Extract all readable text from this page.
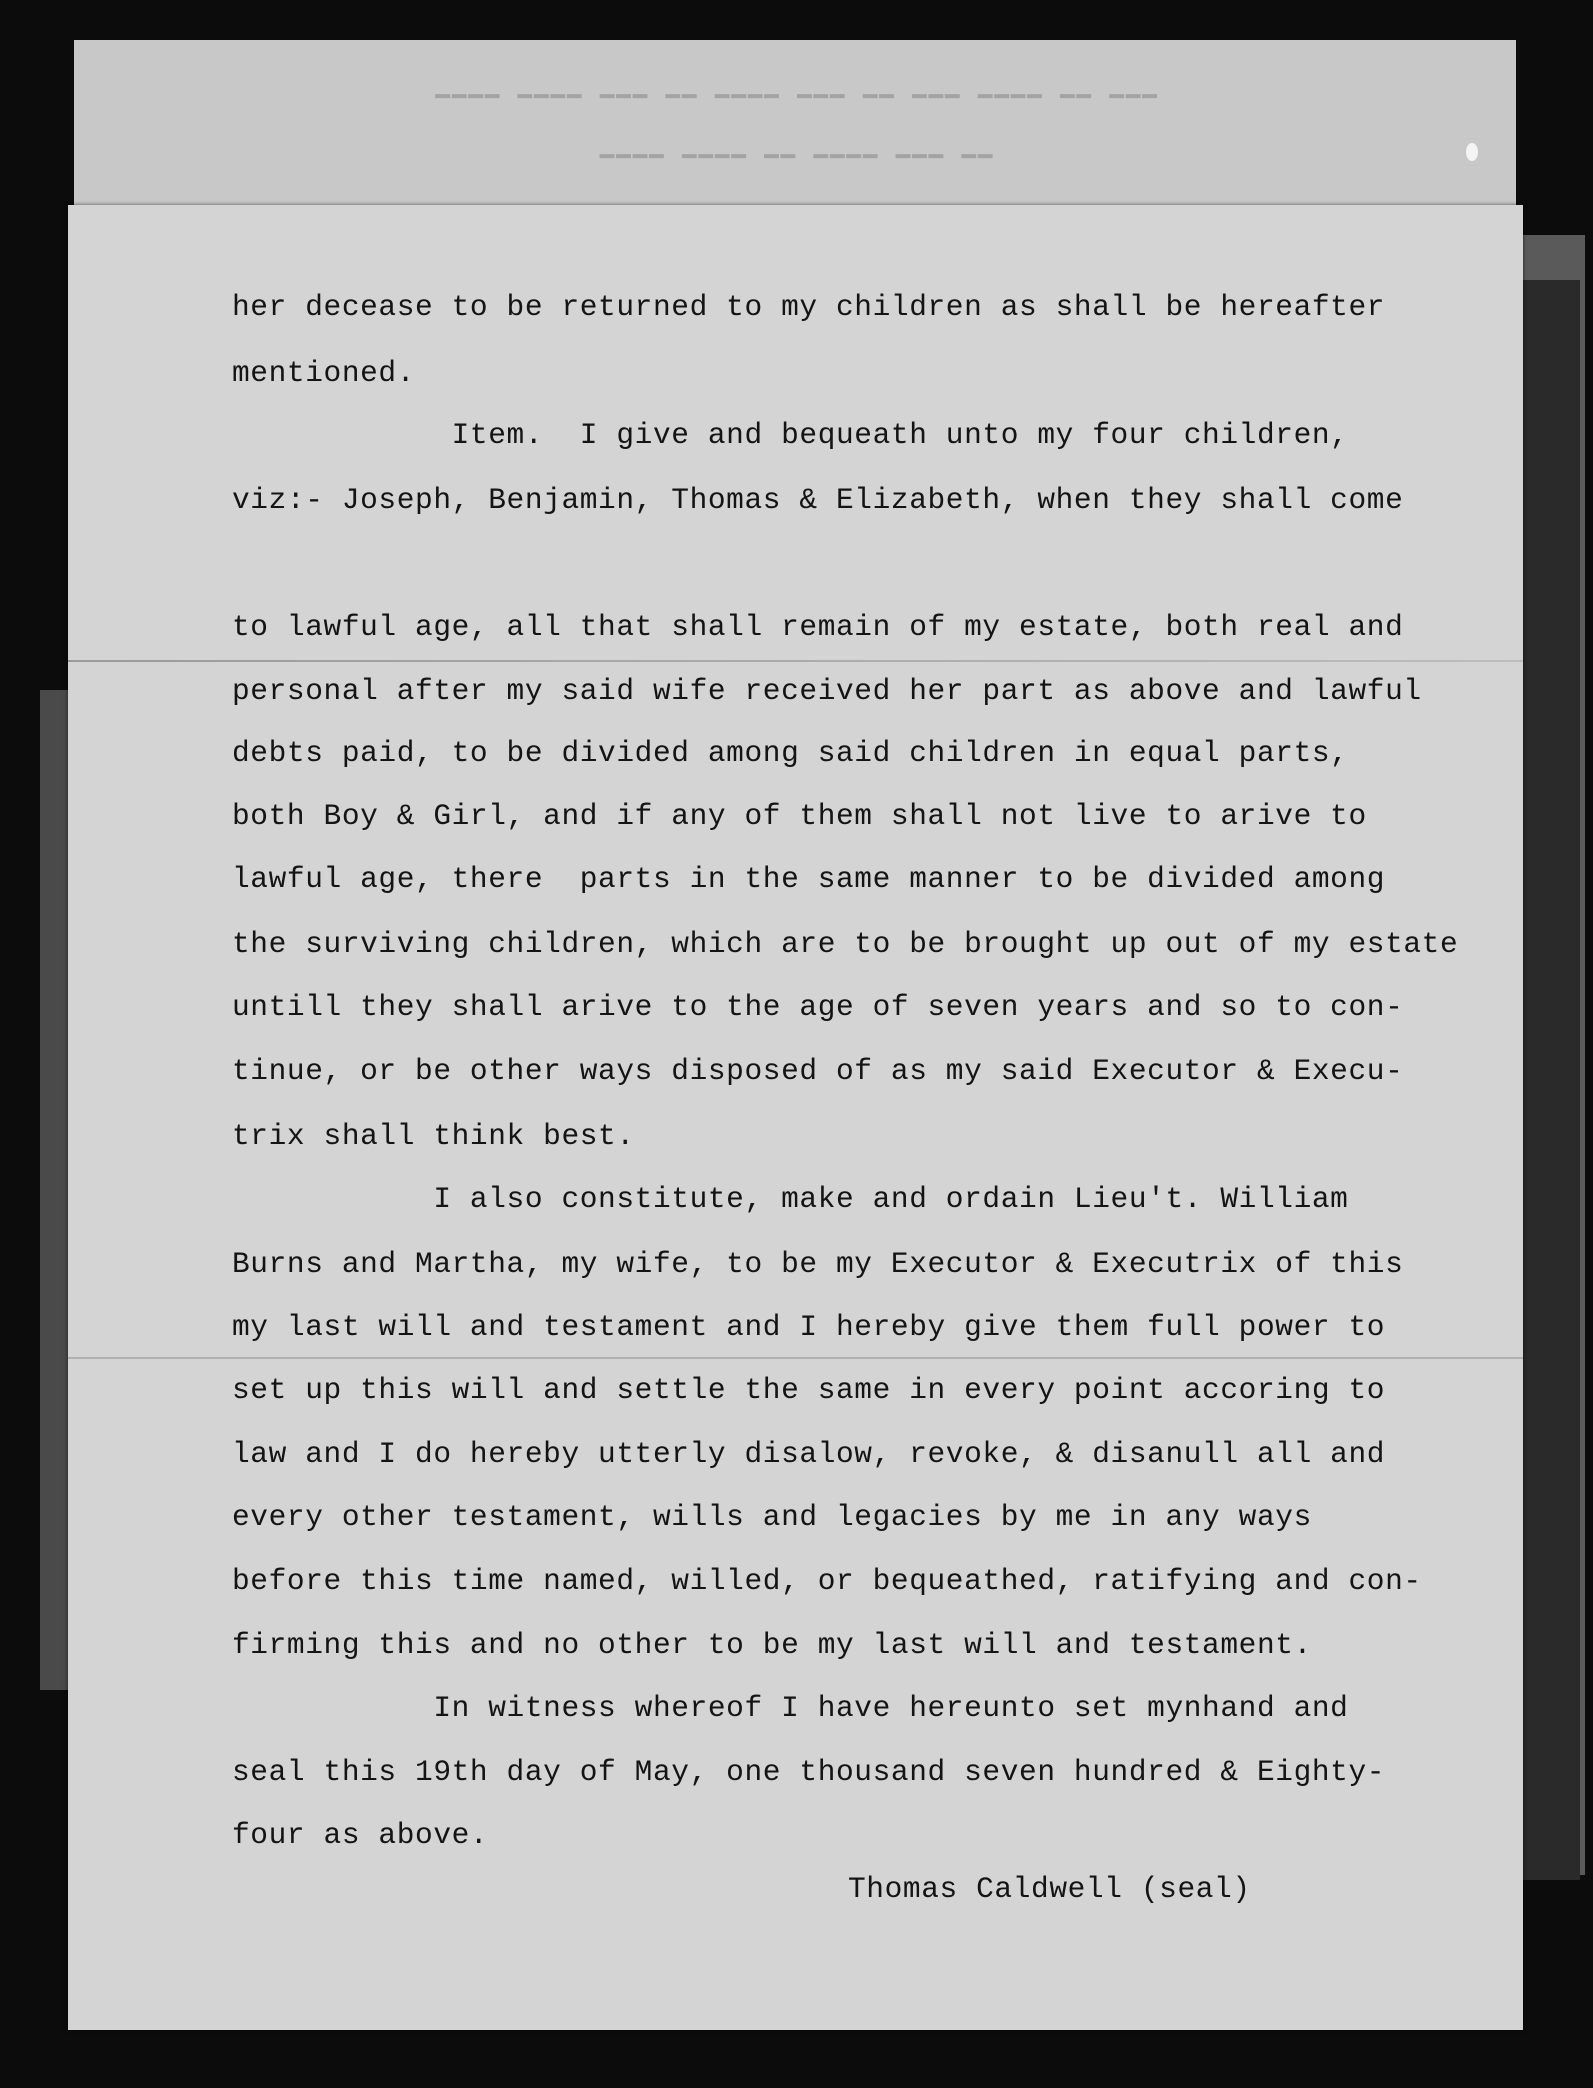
━━━ ━━ ━━━━ ━━━ ━━ ━━━ ━━━━ ━━ ━━━ ━━━━ ━━━━
━━ ━━━ ━━━━ ━━ ━━━━ ━━━━

her decease to be returned to my children as shall be hereafter

mentioned.

Item.  I give and bequeath unto my four children,

viz:- Joseph, Benjamin, Thomas & Elizabeth, when they shall come

to lawful age, all that shall remain of my estate, both real and

personal after my said wife received her part as above and lawful

debts paid, to be divided among said children in equal parts,

both Boy & Girl, and if any of them shall not live to arive to

lawful age, there  parts in the same manner to be divided among

the surviving children, which are to be brought up out of my estate

untill they shall arive to the age of seven years and so to con-

tinue, or be other ways disposed of as my said Executor & Execu-

trix shall think best.

I also constitute, make and ordain Lieu't. William

Burns and Martha, my wife, to be my Executor & Executrix of this

my last will and testament and I hereby give them full power to

set up this will and settle the same in every point accoring to

law and I do hereby utterly disalow, revoke, & disanull all and

every other testament, wills and legacies by me in any ways

before this time named, willed, or bequeathed, ratifying and con-

firming this and no other to be my last will and testament.

In witness whereof I have hereunto set mynhand and

seal this 19th day of May, one thousand seven hundred & Eighty-

four as above.

Thomas Caldwell (seal)
